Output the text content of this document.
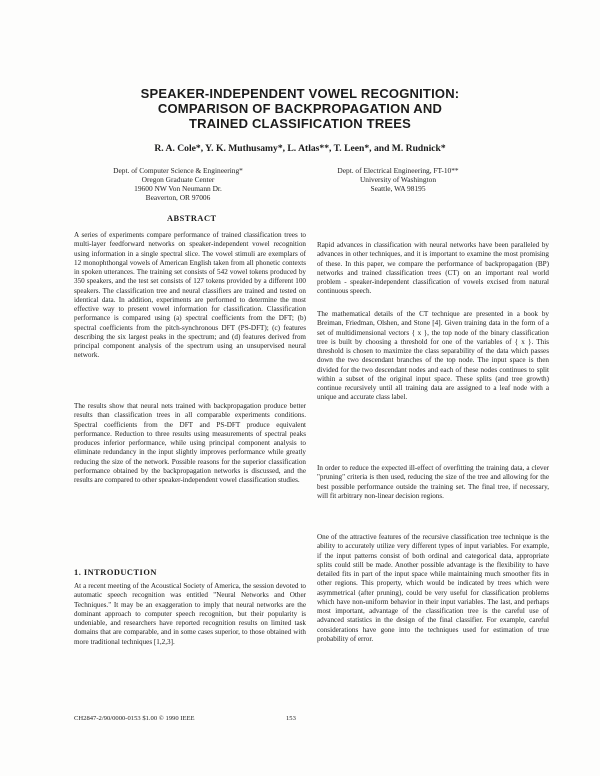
SPEAKER-INDEPENDENT VOWEL RECOGNITION:
COMPARISON OF BACKPROPAGATION AND
TRAINED CLASSIFICATION TREES
R. A. Cole*, Y. K. Muthusamy*, L. Atlas**, T. Leen*, and M. Rudnick*
Dept. of Computer Science & Engineering*
Oregon Graduate Center
19600 NW Von Neumann Dr.
Beaverton, OR 97006
Dept. of Electrical Engineering, FT-10**
University of Washington
Seattle, WA 98195
ABSTRACT

A series of experiments compare performance of trained classification trees to multi-layer feedforward networks on speaker-independent vowel recognition using information in a single spectral slice. The vowel stimuli are exemplars of 12 monophthongal vowels of American English taken from all phonetic contexts in spoken utterances. The training set consists of 542 vowel tokens produced by 350 speakers, and the test set consists of 127 tokens provided by a different 100 speakers. The classification tree and neural classifiers are trained and tested on identical data. In addition, experiments are performed to determine the most effective way to present vowel information for classification. Classification performance is compared using (a) spectral coefficients from the DFT; (b) spectral coefficients from the pitch-synchronous DFT (PS-DFT); (c) features describing the six largest peaks in the spectrum; and (d) features derived from principal component analysis of the spectrum using an unsupervised neural network.

The results show that neural nets trained with backpropagation produce better results than classification trees in all comparable experiments conditions. Spectral coefficients from the DFT and PS-DFT produce equivalent performance. Reduction to three results using measurements of spectral peaks produces inferior performance, while using principal component analysis to eliminate redundancy in the input slightly improves performance while greatly reducing the size of the network. Possible reasons for the superior classification performance obtained by the backpropagation networks is discussed, and the results are compared to other speaker-independent vowel classification studies.

1. INTRODUCTION

At a recent meeting of the Acoustical Society of America, the session devoted to automatic speech recognition was entitled "Neural Networks and Other Techniques." It may be an exaggeration to imply that neural networks are the dominant approach to computer speech recognition, but their popularity is undeniable, and researchers have reported recognition results on limited task domains that are comparable, and in some cases superior, to those obtained with more traditional techniques [1,2,3].

Rapid advances in classification with neural networks have been paralleled by advances in other techniques, and it is important to examine the most promising of these. In this paper, we compare the performance of backpropagation (BP) networks and trained classification trees (CT) on an important real world problem - speaker-independent classification of vowels excised from natural continuous speech.

The mathematical details of the CT technique are presented in a book by Breiman, Friedman, Olshen, and Stone [4]. Given training data in the form of a set of multidimensional vectors { x }, the top node of the binary classification tree is built by choosing a threshold for one of the variables of { x }. This threshold is chosen to maximize the class separability of the data which passes down the two descendant branches of the top node. The input space is then divided for the two descendant nodes and each of these nodes continues to split within a subset of the original input space. These splits (and tree growth) continue recursively until all training data are assigned to a leaf node with a unique and accurate class label.

In order to reduce the expected ill-effect of overfitting the training data, a clever "pruning" criteria is then used, reducing the size of the tree and allowing for the best possible performance outside the training set. The final tree, if necessary, will fit arbitrary non-linear decision regions.

One of the attractive features of the recursive classification tree technique is the ability to accurately utilize very different types of input variables. For example, if the input patterns consist of both ordinal and categorical data, appropriate splits could still be made. Another possible advantage is the flexibility to have detailed fits in part of the input space while maintaining much smoother fits in other regions. This property, which would be indicated by trees which were asymmetrical (after pruning), could be very useful for classification problems which have non-uniform behavior in their input variables. The last, and perhaps most important, advantage of the classification tree is the careful use of advanced statistics in the design of the final classifier. For example, careful considerations have gone into the techniques used for estimation of true probability of error.

CH2847-2/90/0000-0153 $1.00 © 1990 IEEE	153
